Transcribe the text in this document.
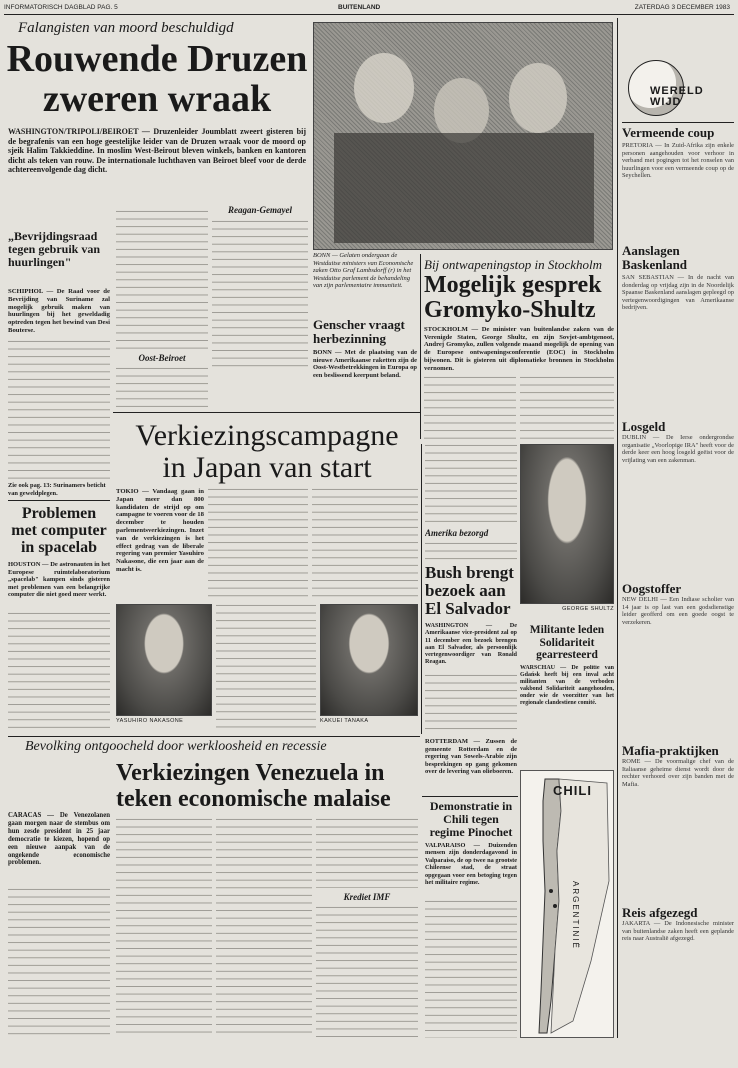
INFORMATORISCH DAGBLAD PAG. 5	BUITENLAND	ZATERDAG 3 DECEMBER 1983
Falangisten van moord beschuldigd
Rouwende Druzen
zweren wraak
WASHINGTON/TRIPOLI/BEIROET — Druzenleider Joumblatt zweert gisteren bij de begrafenis van een hoge geestelijke leider van de Druzen wraak voor de moord op sjeik Halim Takkieddine. In moslim West-Beirout bleven winkels, banken en kantoren dicht als teken van rouw. De internationale luchthaven van Beiroet bleef voor de derde achtereenvolgende dag dicht.
Reagan-Gemayel
Oost-Beiroet
„Bevrijdingsraad tegen gebruik van huurlingen"
SCHIPHOL — De Raad voor de Bevrijding van Suriname zal mogelijk gebruik maken van huurlingen bij het geweldadig optreden tegen het bewind van Desi Bouterse.
Zie ook pag. 13: Surinamers beticht van geweldplegen.
BONN — Gelaten ondergaan de Westduitse ministers van Economische zaken Otto Graf Lambsdorff (r) in het Westduitse parlement de behandeling van zijn parlementaire immuniteit.
Genscher vraagt herbezinning
BONN — Met de plaatsing van de nieuwe Amerikaanse raketten zijn de Oost-Westbetrekkingen in Europa op een beslissend keerpunt beland.
Bij ontwapeningstop in Stockholm
Mogelijk gesprek
Gromyko-Shultz
STOCKHOLM — De minister van buitenlandse zaken van de Verenigde Staten, George Shultz, en zijn Sovjet-ambtgenoot, Andrej Gromyko, zullen volgende maand mogelijk de opening van de Europese ontwapeningsconferentie (EOC) in Stockholm bijwonen. Dit is gisteren uit diplomatieke bronnen in Stockholm vernomen.
Verkiezingscampagne
in Japan van start
TOKIO — Vandaag gaan in Japan meer dan 800 kandidaten de strijd op om campagne te voeren voor de 18 december te houden parlementsverkiezingen. Inzet van de verkiezingen is het effect gedrag van de liberale regering van premier Yasuhiro Nakasone, die een jaar aan de macht is.
YASUHIRO NAKASONE	KAKUEI TANAKA
Problemen met computer in spacelab
HOUSTON — De astronauten in het Europese ruimtelaboratorium „spacelab" kampen sinds gisteren met problemen van een belangrijke computer die niet goed meer werkt.
Bush brengt bezoek aan El Salvador
WASHINGTON — De Amerikaanse vice-president zal op 11 december een bezoek brengen aan El Salvador, als persoonlijk vertegenwoordiger van Ronald Reagan.
Amerika bezorgd
GEORGE SHULTZ
Militante leden Solidariteit gearresteerd
WARSCHAU — De politie van Gdańsk heeft bij een inval acht militanten van de verboden vakbond Solidariteit aangehouden, onder wie de voorzitter van het regionale clandestiene comité.
Bevolking ontgoocheld door werkloosheid en recessie
Verkiezingen Venezuela in
teken economische malaise
CARACAS — De Venezolanen gaan morgen naar de stembus om hun zesde president in 25 jaar democratie te kiezen, hopend op een nieuwe aanpak van de ongekende economische problemen.
Krediet IMF
ROTTERDAM — Zussen de gemeente Rotterdam en de regering van Sowels-Arabie zijn besprekingen op gang gekomen over de levering van olieboeren.
Demonstratie in Chili tegen regime Pinochet
VALPARAISO — Duizenden mensen zijn donderdagavond in Valparaiso, de op twee na grootste Chileense stad, de straat opgegaan voor een betoging tegen het militaire regime.
CHILI
ARGENTINIË
WERELD WIJD
Vermeende coup
PRETORIA — In Zuid-Afrika zijn enkele personen aangehouden voor verhoor in verband met pogingen tot het ronselen van huurlingen voor een vermeende coup op de Seychellen.
Aanslagen Baskenland
SAN SEBASTIAN — In de nacht van donderdag op vrijdag zijn in de Noordelijk Spaanse Baskenland aanslagen gepleegd op vertegenwoordigingen van Amerikaanse bedrijven.
Losgeld
DUBLIN — De Ierse ondergrondse organisatie „Voorlopige IRA" heeft voor de derde keer een hoog losgeld geëist voor de vrijlating van een zakenman.
Oogstoffer
NEW DELHI — Een Indiase scholier van 14 jaar is op last van een godsdienstige leider geofferd om een goede oogst te verzekeren.
Mafia-praktijken
ROME — De voormalige chef van de Italiaanse geheime dienst wordt door de rechter verhoord over zijn banden met de Mafia.
Reis afgezegd
JAKARTA — De Indonesische minister van buitenlandse zaken heeft een geplande reis naar Australië afgezegd.
